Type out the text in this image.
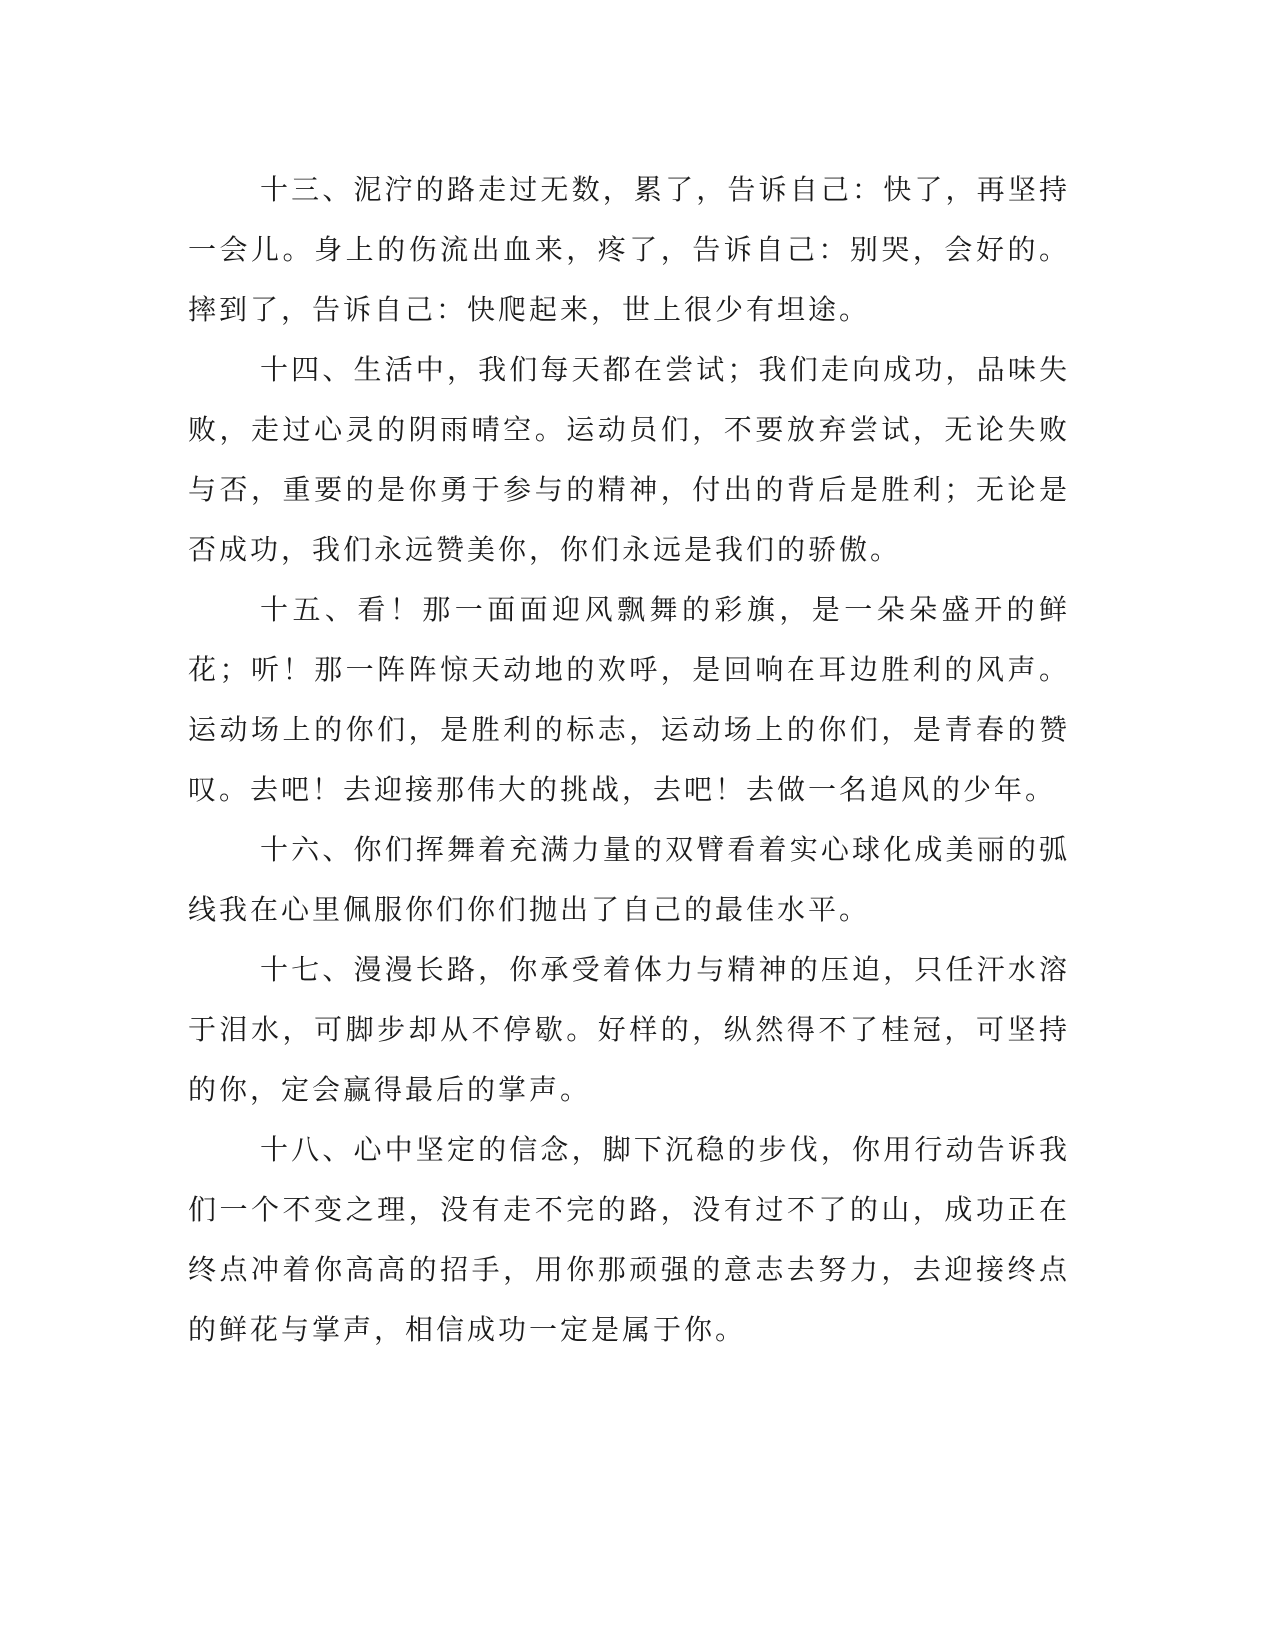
十三、泥泞的路走过无数，累了，告诉自己：快了，再坚持一会儿。身上的伤流出血来，疼了，告诉自己：别哭，会好的。摔到了，告诉自己：快爬起来，世上很少有坦途。

十四、生活中，我们每天都在尝试；我们走向成功，品味失败，走过心灵的阴雨晴空。运动员们，不要放弃尝试，无论失败与否，重要的是你勇于参与的精神，付出的背后是胜利；无论是否成功，我们永远赞美你，你们永远是我们的骄傲。

十五、看！那一面面迎风飘舞的彩旗，是一朵朵盛开的鲜花；听！那一阵阵惊天动地的欢呼，是回响在耳边胜利的风声。运动场上的你们，是胜利的标志，运动场上的你们，是青春的赞叹。去吧！去迎接那伟大的挑战，去吧！去做一名追风的少年。

十六、你们挥舞着充满力量的双臂看着实心球化成美丽的弧线我在心里佩服你们你们抛出了自己的最佳水平。

十七、漫漫长路，你承受着体力与精神的压迫，只任汗水溶于泪水，可脚步却从不停歇。好样的，纵然得不了桂冠，可坚持的你，定会赢得最后的掌声。

十八、心中坚定的信念，脚下沉稳的步伐，你用行动告诉我们一个不变之理，没有走不完的路，没有过不了的山，成功正在终点冲着你高高的招手，用你那顽强的意志去努力，去迎接终点的鲜花与掌声，相信成功一定是属于你。
